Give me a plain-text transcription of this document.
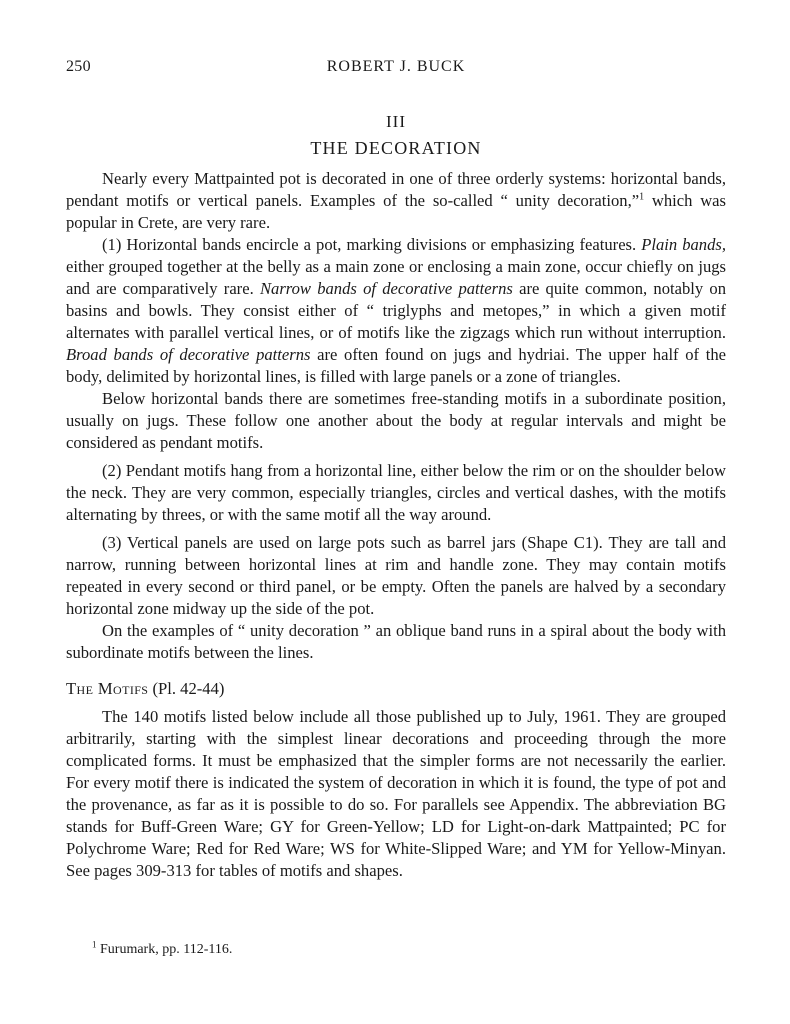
250	ROBERT J. BUCK
III
THE DECORATION

Nearly every Mattpainted pot is decorated in one of three orderly systems: horizontal bands, pendant motifs or vertical panels. Examples of the so-called “ unity decoration,”$^1$ which was popular in Crete, are very rare.

(1) Horizontal bands encircle a pot, marking divisions or emphasizing features. Plain bands, either grouped together at the belly as a main zone or enclosing a main zone, occur chiefly on jugs and are comparatively rare. Narrow bands of decorative patterns are quite common, notably on basins and bowls. They consist either of “ triglyphs and metopes,” in which a given motif alternates with parallel vertical lines, or of motifs like the zigzags which run without interruption. Broad bands of decorative patterns are often found on jugs and hydriai. The upper half of the body, delimited by horizontal lines, is filled with large panels or a zone of triangles.

Below horizontal bands there are sometimes free-standing motifs in a subordinate position, usually on jugs. These follow one another about the body at regular intervals and might be considered as pendant motifs.

(2) Pendant motifs hang from a horizontal line, either below the rim or on the shoulder below the neck. They are very common, especially triangles, circles and vertical dashes, with the motifs alternating by threes, or with the same motif all the way around.

(3) Vertical panels are used on large pots such as barrel jars (Shape C1). They are tall and narrow, running between horizontal lines at rim and handle zone. They may contain motifs repeated in every second or third panel, or be empty. Often the panels are halved by a secondary horizontal zone midway up the side of the pot.

On the examples of “ unity decoration ” an oblique band runs in a spiral about the body with subordinate motifs between the lines.

The Motifs (Pl. 42-44)

The 140 motifs listed below include all those published up to July, 1961. They are grouped arbitrarily, starting with the simplest linear decorations and proceeding through the more complicated forms. It must be emphasized that the simpler forms are not necessarily the earlier. For every motif there is indicated the system of decoration in which it is found, the type of pot and the provenance, as far as it is possible to do so. For parallels see Appendix. The abbreviation BG stands for Buff-Green Ware; GY for Green-Yellow; LD for Light-on-dark Mattpainted; PC for Polychrome Ware; Red for Red Ware; WS for White-Slipped Ware; and YM for Yellow-Minyan. See pages 309-313 for tables of motifs and shapes.

$^1$ Furumark, pp. 112-116.
